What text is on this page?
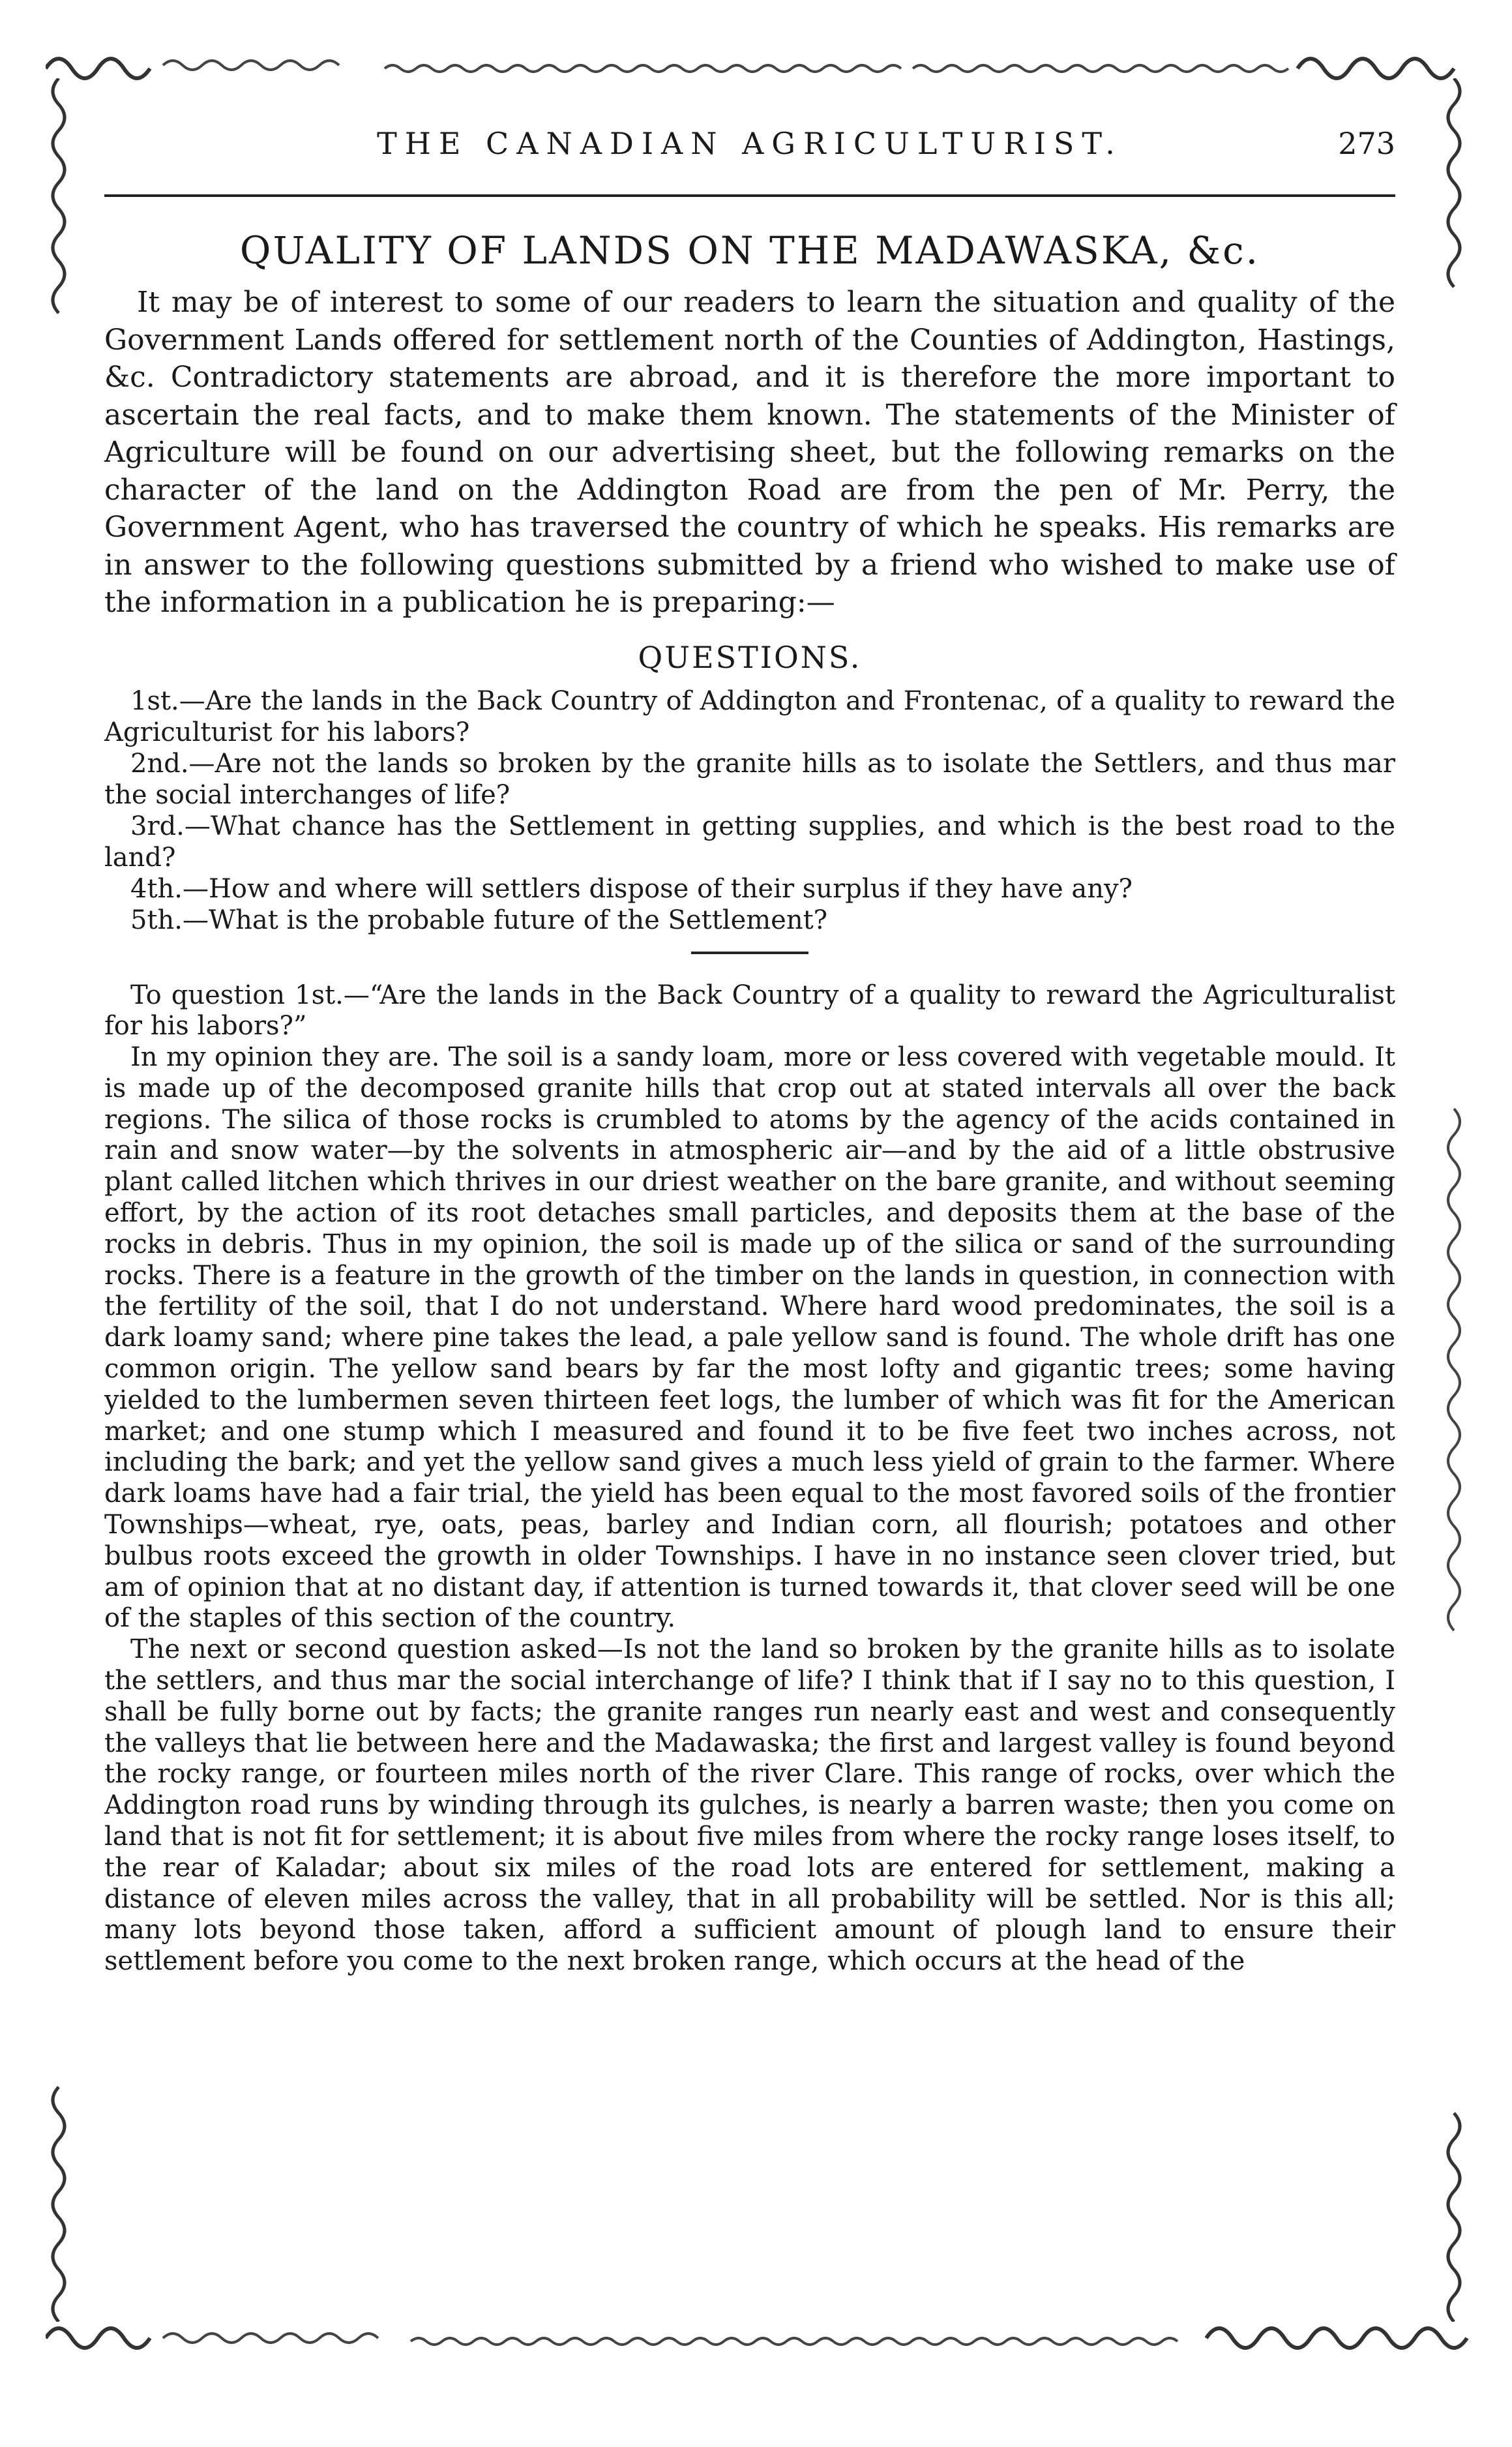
THE CANADIAN AGRICULTURIST.	273
QUALITY OF LANDS ON THE MADAWASKA, &c.

It may be of interest to some of our readers to learn the situation and quality of the Government Lands offered for settlement north of the Counties of Addington, Hastings, &c. Contradictory statements are abroad, and it is therefore the more important to ascertain the real facts, and to make them known. The statements of the Minister of Agriculture will be found on our advertising sheet, but the following remarks on the character of the land on the Addington Road are from the pen of Mr. Perry, the Government Agent, who has traversed the country of which he speaks. His remarks are in answer to the following questions submitted by a friend who wished to make use of the information in a publication he is preparing:—

QUESTIONS.

1st.—Are the lands in the Back Country of Addington and Frontenac, of a quality to reward the Agriculturist for his labors?

2nd.—Are not the lands so broken by the granite hills as to isolate the Settlers, and thus mar the social interchanges of life?

3rd.—What chance has the Settlement in getting supplies, and which is the best road to the land?

4th.—How and where will settlers dispose of their surplus if they have any?

5th.—What is the probable future of the Settlement?

To question 1st.—“Are the lands in the Back Country of a quality to reward the Agriculturalist for his labors?”

In my opinion they are. The soil is a sandy loam, more or less covered with vegetable mould. It is made up of the decomposed granite hills that crop out at stated intervals all over the back regions. The silica of those rocks is crumbled to atoms by the agency of the acids contained in rain and snow water—by the solvents in atmospheric air—and by the aid of a little obstrusive plant called litchen which thrives in our driest weather on the bare granite, and without seeming effort, by the action of its root detaches small particles, and deposits them at the base of the rocks in debris. Thus in my opinion, the soil is made up of the silica or sand of the surrounding rocks. There is a feature in the growth of the timber on the lands in question, in connection with the fertility of the soil, that I do not understand. Where hard wood predominates, the soil is a dark loamy sand; where pine takes the lead, a pale yellow sand is found. The whole drift has one common origin. The yellow sand bears by far the most lofty and gigantic trees; some having yielded to the lumbermen seven thirteen feet logs, the lumber of which was fit for the American market; and one stump which I measured and found it to be five feet two inches across, not including the bark; and yet the yellow sand gives a much less yield of grain to the farmer. Where dark loams have had a fair trial, the yield has been equal to the most favored soils of the frontier Townships—wheat, rye, oats, peas, barley and Indian corn, all flourish; potatoes and other bulbus roots exceed the growth in older Townships. I have in no instance seen clover tried, but am of opinion that at no distant day, if attention is turned towards it, that clover seed will be one of the staples of this section of the country.

The next or second question asked—Is not the land so broken by the granite hills as to isolate the settlers, and thus mar the social interchange of life? I think that if I say no to this question, I shall be fully borne out by facts; the granite ranges run nearly east and west and consequently the valleys that lie between here and the Madawaska; the first and largest valley is found beyond the rocky range, or fourteen miles north of the river Clare. This range of rocks, over which the Addington road runs by winding through its gulches, is nearly a barren waste; then you come on land that is not fit for settlement; it is about five miles from where the rocky range loses itself, to the rear of Kaladar; about six miles of the road lots are entered for settlement, making a distance of eleven miles across the valley, that in all probability will be settled. Nor is this all; many lots beyond those taken, afford a sufficient amount of plough land to ensure their settlement before you come to the next broken range, which occurs at the head of the
